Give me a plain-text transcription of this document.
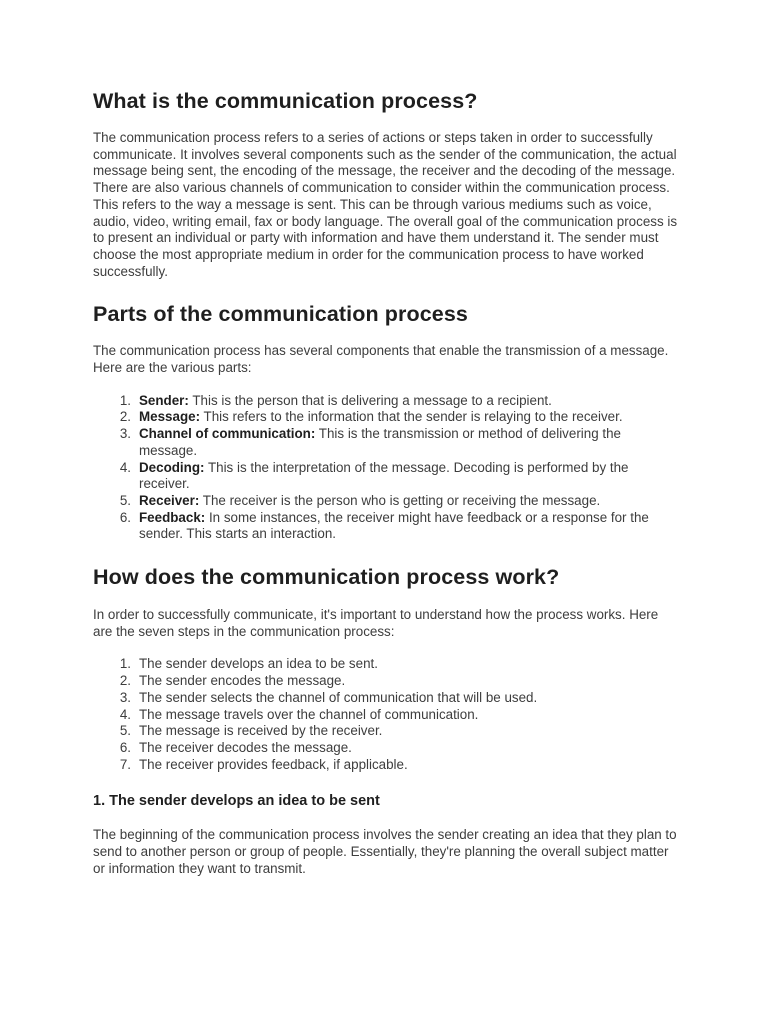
What is the communication process?

The communication process refers to a series of actions or steps taken in order to successfully communicate. It involves several components such as the sender of the communication, the actual message being sent, the encoding of the message, the receiver and the decoding of the message. There are also various channels of communication to consider within the communication process. This refers to the way a message is sent. This can be through various mediums such as voice, audio, video, writing email, fax or body language. The overall goal of the communication process is to present an individual or party with information and have them understand it. The sender must choose the most appropriate medium in order for the communication process to have worked successfully.

Parts of the communication process

The communication process has several components that enable the transmission of a message. Here are the various parts:

1. Sender: This is the person that is delivering a message to a recipient.
2. Message: This refers to the information that the sender is relaying to the receiver.
3. Channel of communication: This is the transmission or method of delivering the message.
4. Decoding: This is the interpretation of the message. Decoding is performed by the receiver.
5. Receiver: The receiver is the person who is getting or receiving the message.
6. Feedback: In some instances, the receiver might have feedback or a response for the sender. This starts an interaction.
How does the communication process work?

In order to successfully communicate, it's important to understand how the process works. Here are the seven steps in the communication process:

1. The sender develops an idea to be sent.
2. The sender encodes the message.
3. The sender selects the channel of communication that will be used.
4. The message travels over the channel of communication.
5. The message is received by the receiver.
6. The receiver decodes the message.
7. The receiver provides feedback, if applicable.
1. The sender develops an idea to be sent

The beginning of the communication process involves the sender creating an idea that they plan to send to another person or group of people. Essentially, they're planning the overall subject matter or information they want to transmit.
